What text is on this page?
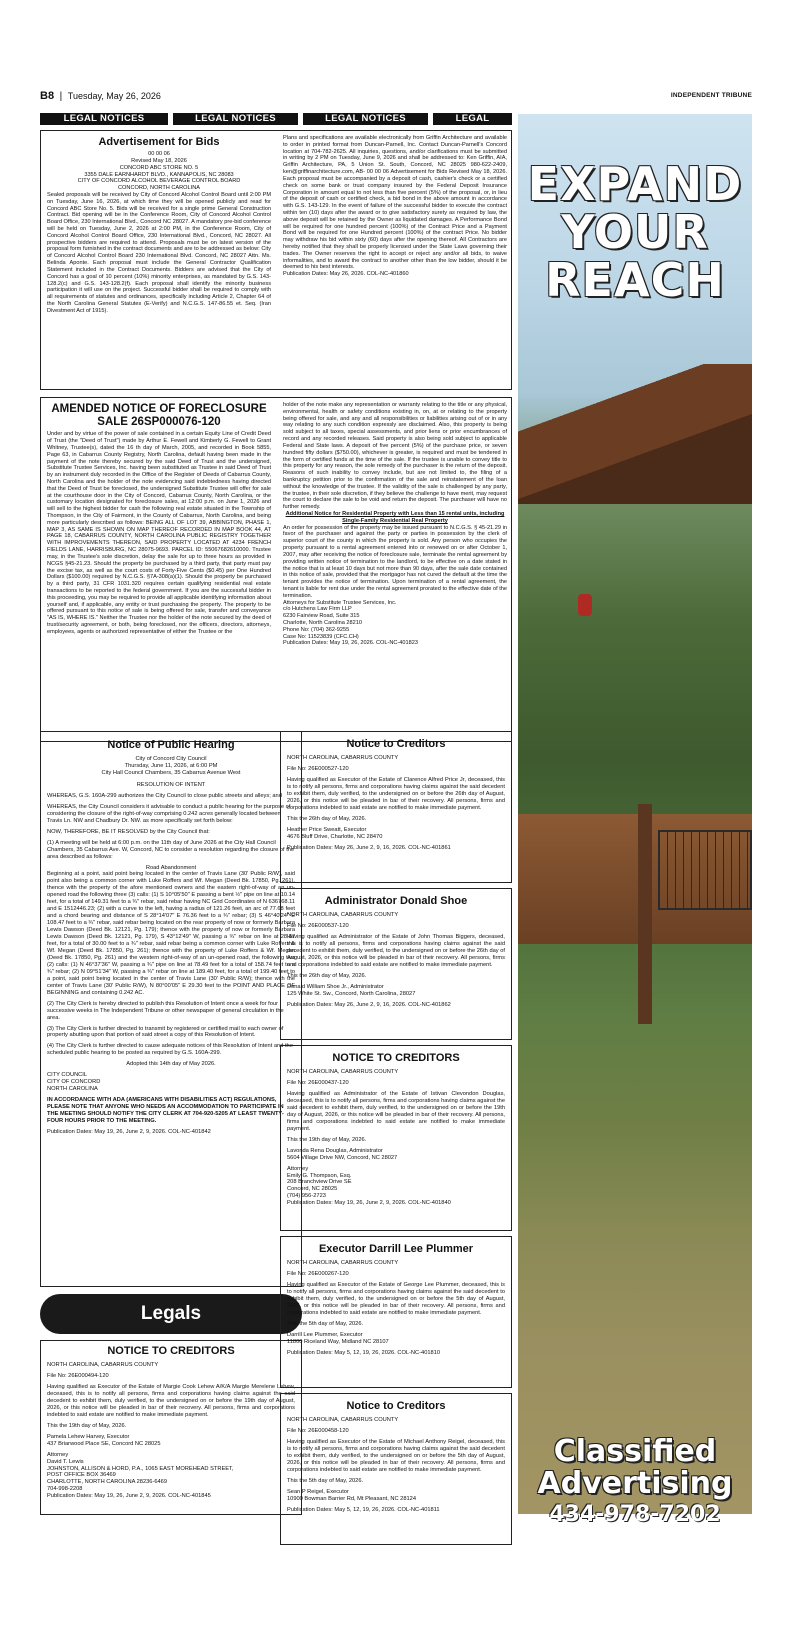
B8  |  Tuesday, May 26, 2026	INDEPENDENT TRIBUNE
LEGAL NOTICES	LEGAL NOTICES	LEGAL NOTICES	LEGAL NOTICES
Advertisement for Bids
00 00 06
Revised May 18, 2026
CONCORD ABC STORE NO. 5
3355 DALE EARNHARDT BLVD., KANNAPOLIS, NC 28083
CITY OF CONCORD ALCOHOL BEVERAGE CONTROL BOARD
CONCORD, NORTH CAROLINA

Sealed proposals will be received by City of Concord Alcohol Control Board until 2:00 PM on Tuesday, June 16, 2026, at which time they will be opened publicly and read for Concord ABC Store No. 5. Bids will be received for a single prime General Construction Contract. Bid opening will be in the Conference Room, City of Concord Alcohol Control Board Office, 230 International Blvd., Concord NC 28027. A mandatory pre-bid conference will be held on Tuesday, June 2, 2026 at 2:00 PM, in the Conference Room, City of Concord Alcohol Control Board Office, 230 International Blvd., Concord, NC 28027. All prospective bidders are required to attend. Proposals must be on latest version of the proposal form furnished in the contract documents and are to be addressed as below: City of Concord Alcohol Control Board 230 International Blvd. Concord, NC 28027 Attn. Ms. Belinda Aponte. Each proposal must include the General Contractor Qualification Statement included in the Contract Documents. Bidders are advised that the City of Concord has a goal of 10 percent (10%) minority enterprises, as mandated by G.S. 143-128.2(c) and G.S. 143-128.2(f). Each proposal shall identify the minority business participation it will use on the project. Successful bidder shall be required to comply with all requirements of statutes and ordinances, specifically including Article 2, Chapter 64 of the North Carolina General Statutes (E-Verify) and N.C.G.S. 147-86.55 et. Seq. (Iran Divestment Act of 1915).

Plans and specifications are available electronically from Griffin Architecture and available to order in printed format from Duncan-Parnell, Inc. Contact Duncan-Parnell's Concord location at 704-782-2625. All inquiries, questions, and/or clarifications must be submitted in writing by 2 PM on Tuesday, June 9, 2026 and shall be addressed to: Ken Griffin, AIA, Griffin Architecture, PA, 5 Union St. South, Concord, NC 28025 980-622-2409, ken@griffinarchitecture.com, AB- 00 00 06 Advertisement for Bids Revised May 18, 2026. Each proposal must be accompanied by a deposit of cash, cashier's check or a certified check on some bank or trust company insured by the Federal Deposit Insurance Corporation in amount equal to not less than five percent (5%) of the proposal, or, in lieu of the deposit of cash or certified check, a bid bond in the above amount in accordance with G.S. 143-129. In the event of failure of the successful bidder to execute the contract within ten (10) days after the award or to give satisfactory surety as required by law, the above deposit will be retained by the Owner as liquidated damages. A Performance Bond will be required for one hundred percent (100%) of the Contract Price and a Payment Bond will be required for one Hundred percent (100%) of the contract Price. No bidder may withdraw his bid within sixty (60) days after the opening thereof. All Contractors are hereby notified that they shall be properly licensed under the State Laws governing their trades. The Owner reserves the right to accept or reject any and/or all bids, to waive informalities, and to award the contract to another other than the low bidder, should it be deemed to his best interests.

Publication Dates: May 26, 2026. COL-NC-401860

AMENDED NOTICE OF FORECLOSURE SALE 26SP000076-120

Under and by virtue of the power of sale contained in a certain Equity Line of Credit Deed of Trust (the "Deed of Trust") made by Arthur E. Fewell and Kimberly G. Fewell to Grant Whitney, Trustee(s), dated the 16 th day of March, 2005, and recorded in Book 5855, Page 63, in Cabarrus County Registry, North Carolina, default having been made in the payment of the note thereby secured by the said Deed of Trust and the undersigned, Substitute Trustee Services, Inc. having been substituted as Trustee in said Deed of Trust by an instrument duly recorded in the Office of the Register of Deeds of Cabarrus County, North Carolina and the holder of the note evidencing said indebtedness having directed that the Deed of Trust be foreclosed, the undersigned Substitute Trustee will offer for sale at the courthouse door in the City of Concord, Cabarrus County, North Carolina, or the customary location designated for foreclosure sales, at 12:00 p.m. on June 1, 2026 and will sell to the highest bidder for cash the following real estate situated in the Township of Thompson, in the City of Fairmont, in the County of Cabarrus, North Carolina, and being more particularly described as follows: BEING ALL OF LOT 39, ABBINGTON, PHASE 1, MAP 3, AS SAME IS SHOWN ON MAP THEREOF RECORDED IN MAP BOOK 44, AT PAGE 18, CABARRUS COUNTY, NORTH CAROLINA PUBLIC REGISTRY TOGETHER WITH IMPROVEMENTS THEREON, SAID PROPERTY LOCATED AT 4234 FRENCH FIELDS LANE, HARRISBURG, NC 28075-9693. PARCEL ID: 55067682610000. Trustee may, in the Trustee's sole discretion, delay the sale for up to three hours as provided in NCGS §45-21.23. Should the property be purchased by a third party, that party must pay the excise tax, as well as the court costs of Forty-Five Cents ($0.45) per One Hundred Dollars ($100.00) required by N.C.G.S. §7A-308(a)(1). Should the property be purchased by a third party, 31 CFR 1031.320 requires certain qualifying residential real estate transactions to be reported to the federal government. If you are the successful bidder in this proceeding, you may be required to provide all applicable identifying information about yourself and, if applicable, any entity or trust purchasing the property. The property to be offered pursuant to this notice of sale is being offered for sale, transfer and conveyance "AS IS, WHERE IS." Neither the Trustee nor the holder of the note secured by the deed of trust/security agreement, or both, being foreclosed, nor the officers, directors, attorneys, employees, agents or authorized representative of either the Trustee or the

holder of the note make any representation or warranty relating to the title or any physical, environmental, health or safety conditions existing in, on, at or relating to the property being offered for sale, and any and all responsibilities or liabilities arising out of or in any way relating to any such condition expressly are disclaimed. Also, this property is being sold subject to all taxes, special assessments, and prior liens or prior encumbrances of record and any recorded releases. Said property is also being sold subject to applicable Federal and State laws. A deposit of five percent (5%) of the purchase price, or seven hundred fifty dollars ($750.00), whichever is greater, is required and must be tendered in the form of certified funds at the time of the sale. If the trustee is unable to convey title to this property for any reason, the sole remedy of the purchaser is the return of the deposit. Reasons of such inability to convey include, but are not limited to, the filing of a bankruptcy petition prior to the confirmation of the sale and reinstatement of the loan without the knowledge of the trustee. If the validity of the sale is challenged by any party, the trustee, in their sole discretion, if they believe the challenge to have merit, may request the court to declare the sale to be void and return the deposit. The purchaser will have no further remedy.

Additional Notice for Residential Property with Less than 15 rental units, including Single-Family Residential Real Property

An order for possession of the property may be issued pursuant to N.C.G.S. § 45-21.29 in favor of the purchaser and against the party or parties in possession by the clerk of superior court of the county in which the property is sold. Any person who occupies the property pursuant to a rental agreement entered into or renewed on or after October 1, 2007, may after receiving the notice of foreclosure sale, terminate the rental agreement by providing written notice of termination to the landlord, to be effective on a date stated in the notice that is at least 10 days but not more than 90 days, after the sale date contained in this notice of sale, provided that the mortgagor has not cured the default at the time the tenant provides the notice of termination. Upon termination of a rental agreement, the tenant is liable for rent due under the rental agreement prorated to the effective date of the termination.

Attorneys for Substitute Trustee Services, Inc.
c/o Hutchens Law Firm LLP
6230 Fairview Road, Suite 315
Charlotte, North Carolina 28210
Phone No: (704) 362-9255
Case No: 11523839 (CFC.CH)

Publication Dates: May 19, 26, 2026. COL-NC-401823

Notice of Public Hearing
City of Concord City Council
Thursday, June 11, 2026, at 6:00 PM
City Hall Council Chambers, 35 Cabarrus Avenue West

RESOLUTION OF INTENT

WHEREAS, G.S. 160A-299 authorizes the City Council to close public streets and alleys; and

WHEREAS, the City Council considers it advisable to conduct a public hearing for the purpose of considering the closure of the right-of-way comprising 0.242 acres generally located between Travis Ln. NW and Chadbury Dr. NW. as more specifically set forth below:

NOW, THEREFORE, BE IT RESOLVED by the City Council that:

(1) A meeting will be held at 6:00 p.m. on the 11th day of June 2026 at the City Hall Council Chambers, 35 Cabarrus Ave. W, Concord, NC to consider a resolution regarding the closure of the area described as follows:

Road Abandonment

Beginning at a point, said point being located in the center of Travis Lane (30' Public R/W), said point also being a common corner with Luke Roffers and Wf. Megan (Deed Bk. 17850, Pg. 261), thence with the property of the afore mentioned owners and the eastern right-of-way of an un-opened road the following three (3) calls: (1) S 10°05'50" E passing a bent ½" pipe on line at 10.14 feet, for a total of 149.31 feet to a ¾" rebar, said rebar having NC Grid Coordinates of N 636768.11 and E 1512446.23; (2) with a curve to the left, having a radius of 121.26 feet, an arc of 77.68 feet and a chord bearing and distance of S 28°14'07" E 76.36 feet to a ¾" rebar; (3) S 46°40'24" E 108.47 feet to a ¾" rebar, said rebar being located on the rear property of now or formerly Barbara Lewis Dawson (Deed Bk. 12121, Pg. 179); thence with the property of now or formerly Barbara Lewis Dawson (Deed Bk. 12121, Pg. 179), S 43°12'49" W, passing a ¾" rebar on line at 28.87 feet, for a total of 30.00 feet to a ¾" rebar, said rebar being a common corner with Luke Roffers & Wf. Megan (Deed Bk. 17850, Pg. 261); thence with the property of Luke Roffers & Wf. Megan (Deed Bk. 17850, Pg. 261) and the western right-of-way of an un-opened road, the following two (2) calls: (1) N 46°37'36" W, passing a ¾" pipe on line at 78.49 feet for a total of 158.74 feet to a ¾" rebar; (2) N 09°51'34" W, passing a ¾" rebar on line at 189.40 feet, for a total of 199.40 feet to a point, said point being located in the center of Travis Lane (30' Public R/W); thence with the center of Travis Lane (30' Public R/W), N 80°00'05" E 29.30 feet to the POINT AND PLACE OF BEGINNING and containing 0.242 AC.

(2) The City Clerk is hereby directed to publish this Resolution of Intent once a week for four successive weeks in The Independent Tribune or other newspaper of general circulation in the area.

(3) The City Clerk is further directed to transmit by registered or certified mail to each owner of property abutting upon that portion of said street a copy of this Resolution of Intent.

(4) The City Clerk is further directed to cause adequate notices of this Resolution of Intent and the scheduled public hearing to be posted as required by G.S. 160A-299.

Adopted this 14th day of May 2026.

CITY COUNCIL
CITY OF CONCORD
NORTH CAROLINA

IN ACCORDANCE WITH ADA (AMERICANS WITH DISABILITIES ACT) REGULATIONS, PLEASE NOTE THAT ANYONE WHO NEEDS AN ACCOMMODATION TO PARTICIPATE IN THE MEETING SHOULD NOTIFY THE CITY CLERK AT 704-920-5205 AT LEAST TWENTY-FOUR HOURS PRIOR TO THE MEETING.

Publication Dates: May 19, 26, June 2, 9, 2026. COL-NC-401842

Legals
NOTICE TO CREDITORS

NORTH CAROLINA, CABARRUS COUNTY

File No: 26E000494-120

Having qualified as Executor of the Estate of Margie Cook Lehew A/K/A Margie Merelene Lehew, deceased, this is to notify all persons, firms and corporations having claims against the said decedent to exhibit them, duly verified, to the undersigned on or before the 19th day of August, 2026, or this notice will be pleaded in bar of their recovery. All persons, firms and corporations indebted to said estate are notified to make immediate payment.

This the 19th day of May, 2026.

Pamela Lehew Harvey, Executor
437 Briarwood Place SE, Concord NC 28025
Attorney
David T. Lewis
JOHNSTON, ALLISON & HORD, P.A., 1065 EAST MOREHEAD STREET,
POST OFFICE BOX 36469
CHARLOTTE, NORTH CAROLINA 28236-6469
704-998-2208

Publication Dates: May 19, 26, June 2, 9, 2026. COL-NC-401845

Notice to Creditors

NORTH CAROLINA, CABARRUS COUNTY

File No: 26E000527-120

Having qualified as Executor of the Estate of Clarence Alfred Price Jr, deceased, this is to notify all persons, firms and corporations having claims against the said decedent to exhibit them, duly verified, to the undersigned on or before the 26th day of August, 2026, or this notice will be pleaded in bar of their recovery. All persons, firms and corporations indebted to said estate are notified to make immediate payment.

This the 26th day of May, 2026.

Heather Price Sweatt, Executor
4676 Bluff Drive, Charlotte, NC 28470

Publication Dates: May 26, June 2, 9, 16, 2026. COL-NC-401861

Administrator Donald Shoe

NORTH CAROLINA, CABARRUS COUNTY

File No: 26E000537-120

Having qualified as Administrator of the Estate of John Thomas Biggers, deceased, this is to notify all persons, firms and corporations having claims against the said decedent to exhibit them, duly verified, to the undersigned on or before the 26th day of August, 2026, or this notice will be pleaded in bar of their recovery. All persons, firms and corporations indebted to said estate are notified to make immediate payment.

This the 26th day of May, 2026.

Donald William Shoe Jr., Administrator
125 White St. Sw., Concord, North Carolina, 28027

Publication Dates: May 26, June 2, 9, 16, 2026. COL-NC-401862

NOTICE TO CREDITORS

NORTH CAROLINA, CABARRUS COUNTY

File No: 26E000437-120

Having qualified as Administrator of the Estate of Istivan Clevondon Douglas, deceased, this is to notify all persons, firms and corporations having claims against the said decedent to exhibit them, duly verified, to the undersigned on or before the 19th day of August, 2026, or this notice will be pleaded in bar of their recovery. All persons, firms and corporations indebted to said estate are notified to make immediate payment.

This the 19th day of May, 2026.

Lavonda Rena Douglas, Administrator
5604 Village Drive NW, Concord, NC 28027
Attorney
Emily G. Thompson, Esq.
208 Branchview Drive SE
Concord, NC 28025
(704) 956-2723

Publication Dates: May 19, 26, June 2, 9, 2026. COL-NC-401840

Executor Darrill Lee Plummer

NORTH CAROLINA, CABARRUS COUNTY

File No: 26E000267-120

Having qualified as Executor of the Estate of George Lee Plummer, deceased, this is to notify all persons, firms and corporations having claims against the said decedent to exhibit them, duly verified, to the undersigned on or before the 5th day of August, 2026, or this notice will be pleaded in bar of their recovery. All persons, firms and corporations indebted to said estate are notified to make immediate payment.

This the 5th day of May, 2026.

Darrill Lee Plummer, Executor
11800 Riceland Way, Midland NC 28107

Publication Dates: May 5, 12, 19, 26, 2026. COL-NC-401810

Notice to Creditors

NORTH CAROLINA, CABARRUS COUNTY

File No: 26E000458-120

Having qualified as Executor of the Estate of Michael Anthony Reigel, deceased, this is to notify all persons, firms and corporations having claims against the said decedent to exhibit them, duly verified, to the undersigned on or before the 5th day of August, 2026, or this notice will be pleaded in bar of their recovery. All persons, firms and corporations indebted to said estate are notified to make immediate payment.

This the 5th day of May, 2026.

Sean P Reigel, Executor
10900 Bowman Barrier Rd, Mt Pleasant, NC 28124

Publication Dates: May 5, 12, 19, 26, 2026. COL-NC-401811

EXPAND
YOUR
REACH
Classified
Advertising
434-978-7202
